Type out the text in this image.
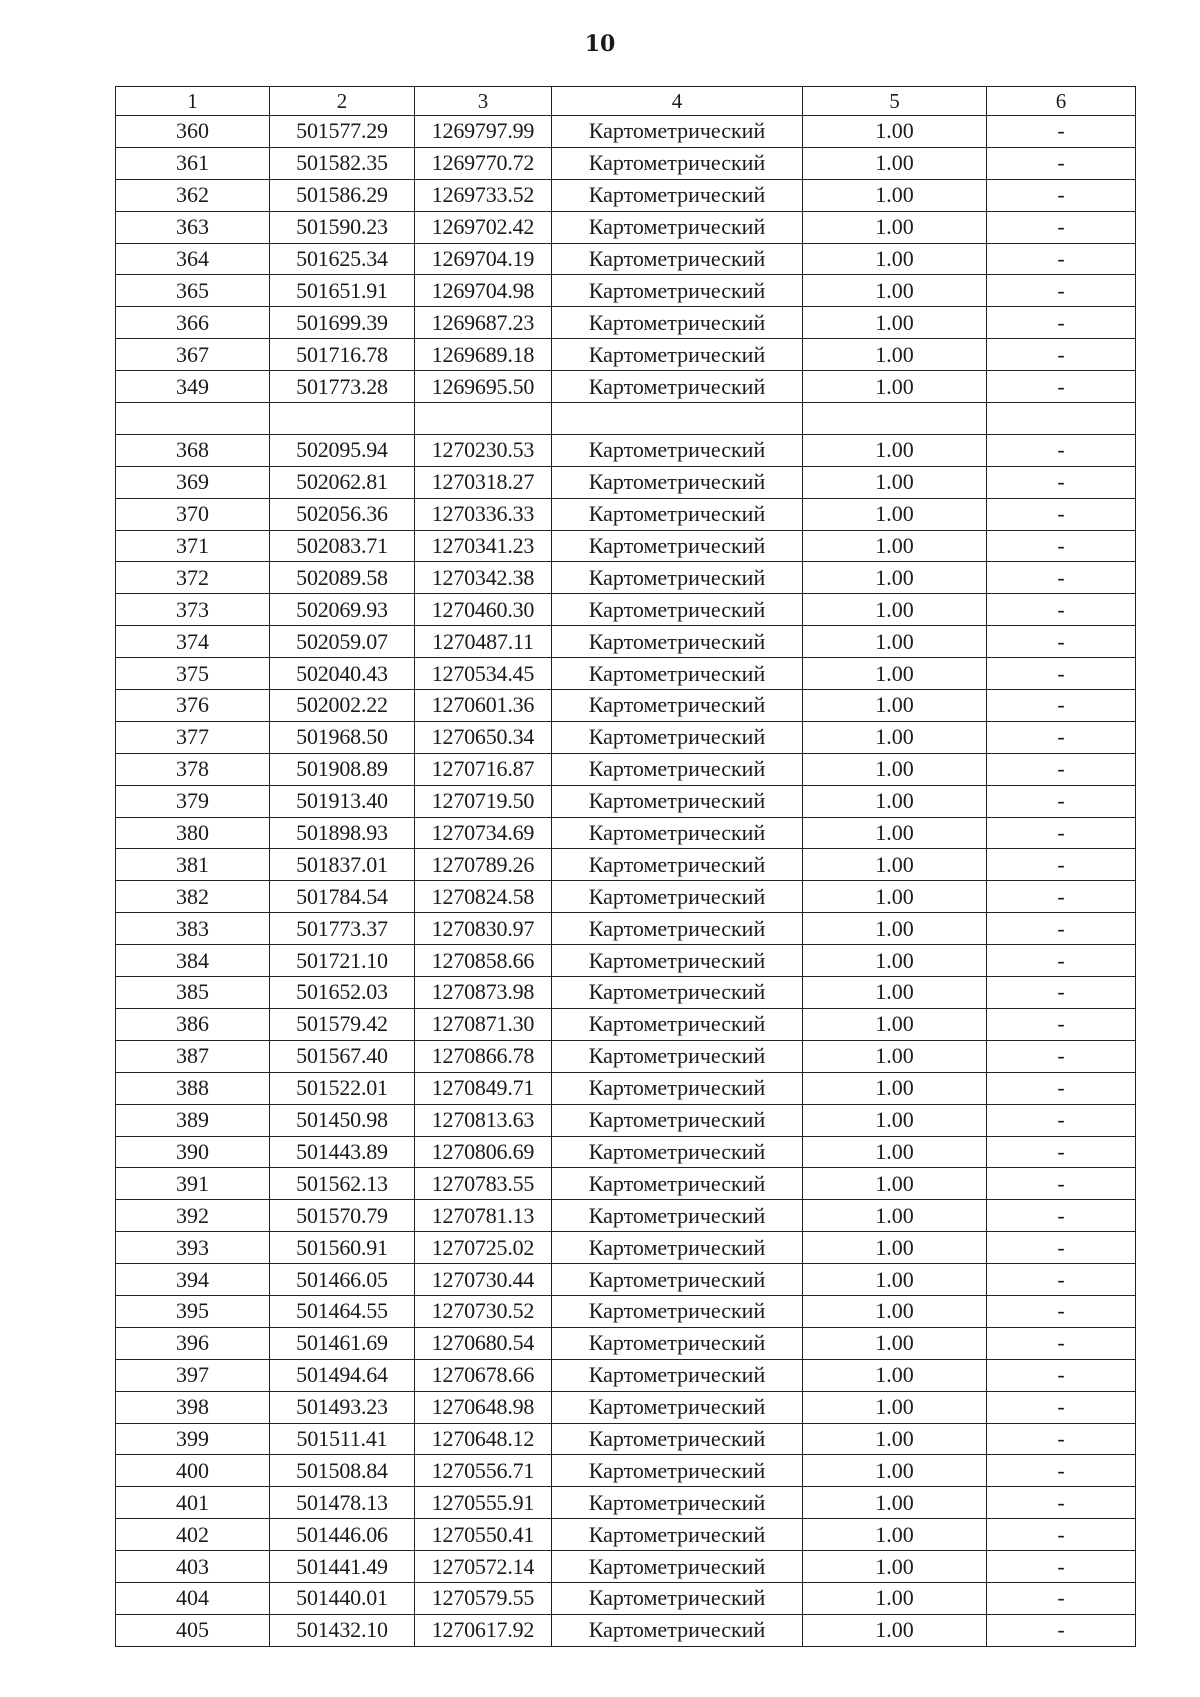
10
1	2	3	4	5	6
360	501577.29	1269797.99	Картометрический	1.00	-
361	501582.35	1269770.72	Картометрический	1.00	-
362	501586.29	1269733.52	Картометрический	1.00	-
363	501590.23	1269702.42	Картометрический	1.00	-
364	501625.34	1269704.19	Картометрический	1.00	-
365	501651.91	1269704.98	Картометрический	1.00	-
366	501699.39	1269687.23	Картометрический	1.00	-
367	501716.78	1269689.18	Картометрический	1.00	-
349	501773.28	1269695.50	Картометрический	1.00	-

368	502095.94	1270230.53	Картометрический	1.00	-
369	502062.81	1270318.27	Картометрический	1.00	-
370	502056.36	1270336.33	Картометрический	1.00	-
371	502083.71	1270341.23	Картометрический	1.00	-
372	502089.58	1270342.38	Картометрический	1.00	-
373	502069.93	1270460.30	Картометрический	1.00	-
374	502059.07	1270487.11	Картометрический	1.00	-
375	502040.43	1270534.45	Картометрический	1.00	-
376	502002.22	1270601.36	Картометрический	1.00	-
377	501968.50	1270650.34	Картометрический	1.00	-
378	501908.89	1270716.87	Картометрический	1.00	-
379	501913.40	1270719.50	Картометрический	1.00	-
380	501898.93	1270734.69	Картометрический	1.00	-
381	501837.01	1270789.26	Картометрический	1.00	-
382	501784.54	1270824.58	Картометрический	1.00	-
383	501773.37	1270830.97	Картометрический	1.00	-
384	501721.10	1270858.66	Картометрический	1.00	-
385	501652.03	1270873.98	Картометрический	1.00	-
386	501579.42	1270871.30	Картометрический	1.00	-
387	501567.40	1270866.78	Картометрический	1.00	-
388	501522.01	1270849.71	Картометрический	1.00	-
389	501450.98	1270813.63	Картометрический	1.00	-
390	501443.89	1270806.69	Картометрический	1.00	-
391	501562.13	1270783.55	Картометрический	1.00	-
392	501570.79	1270781.13	Картометрический	1.00	-
393	501560.91	1270725.02	Картометрический	1.00	-
394	501466.05	1270730.44	Картометрический	1.00	-
395	501464.55	1270730.52	Картометрический	1.00	-
396	501461.69	1270680.54	Картометрический	1.00	-
397	501494.64	1270678.66	Картометрический	1.00	-
398	501493.23	1270648.98	Картометрический	1.00	-
399	501511.41	1270648.12	Картометрический	1.00	-
400	501508.84	1270556.71	Картометрический	1.00	-
401	501478.13	1270555.91	Картометрический	1.00	-
402	501446.06	1270550.41	Картометрический	1.00	-
403	501441.49	1270572.14	Картометрический	1.00	-
404	501440.01	1270579.55	Картометрический	1.00	-
405	501432.10	1270617.92	Картометрический	1.00	-
